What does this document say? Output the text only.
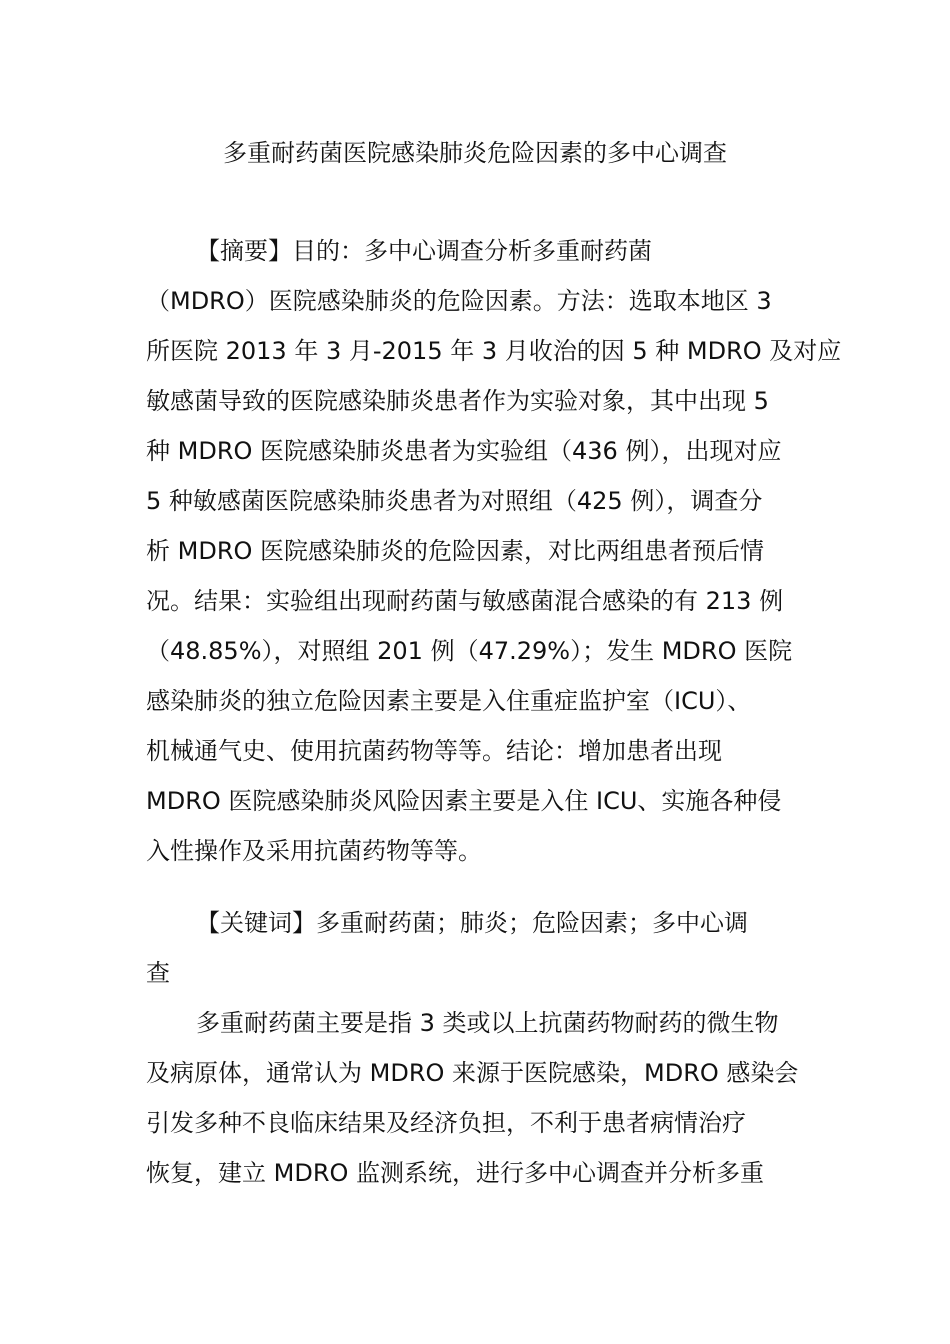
多重耐药菌医院感染肺炎危险因素的多中心调查
【摘要】目的：多中心调查分析多重耐药菌
（MDRO）医院感染肺炎的危险因素。方法：选取本地区 3
所医院 2013 年 3 月-2015 年 3 月收治的因 5 种 MDRO 及对应
敏感菌导致的医院感染肺炎患者作为实验对象，其中出现 5
种 MDRO 医院感染肺炎患者为实验组（436 例），出现对应
5 种敏感菌医院感染肺炎患者为对照组（425 例），调查分
析 MDRO 医院感染肺炎的危险因素，对比两组患者预后情
况。结果：实验组出现耐药菌与敏感菌混合感染的有 213 例
（48.85%），对照组 201 例（47.29%）；发生 MDRO 医院
感染肺炎的独立危险因素主要是入住重症监护室（ICU）、
机械通气史、使用抗菌药物等等。结论：增加患者出现
MDRO 医院感染肺炎风险因素主要是入住 ICU、实施各种侵
入性操作及采用抗菌药物等等。
【关键词】多重耐药菌；肺炎；危险因素；多中心调
查
多重耐药菌主要是指 3 类或以上抗菌药物耐药的微生物
及病原体，通常认为 MDRO 来源于医院感染，MDRO 感染会
引发多种不良临床结果及经济负担，不利于患者病情治疗
恢复，建立 MDRO 监测系统，进行多中心调查并分析多重
